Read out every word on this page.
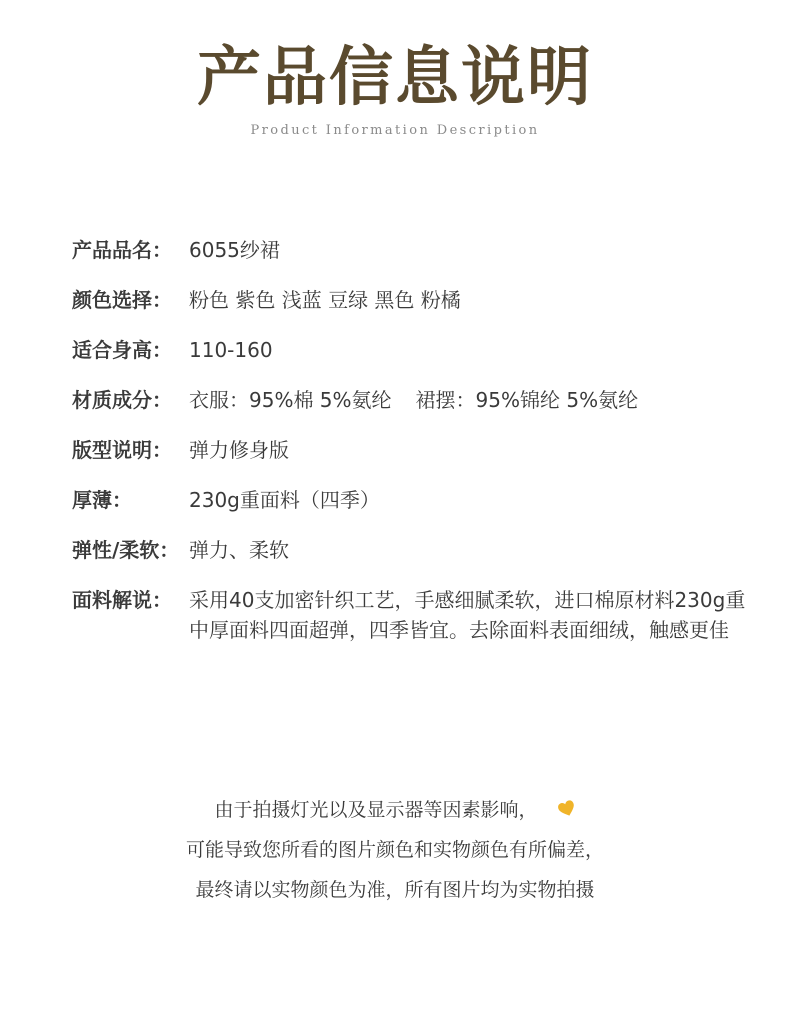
产品信息说明
Product Information Description
产品品名： 6055纱裙
颜色选择： 粉色 紫色 浅蓝 豆绿 黑色 粉橘
适合身高： 110-160
材质成分： 衣服：95%棉 5%氨纶 裙摆：95%锦纶 5%氨纶
版型说明： 弹力修身版
厚薄：	230g重面料（四季）
弹性/柔软： 弹力、柔软
面料解说： 采用40支加密针织工艺，手感细腻柔软，进口棉原材料230g重中厚面料四面超弹，四季皆宜。去除面料表面细绒，触感更佳
由于拍摄灯光以及显示器等因素影响，
可能导致您所看的图片颜色和实物颜色有所偏差，
最终请以实物颜色为准，所有图片均为实物拍摄
